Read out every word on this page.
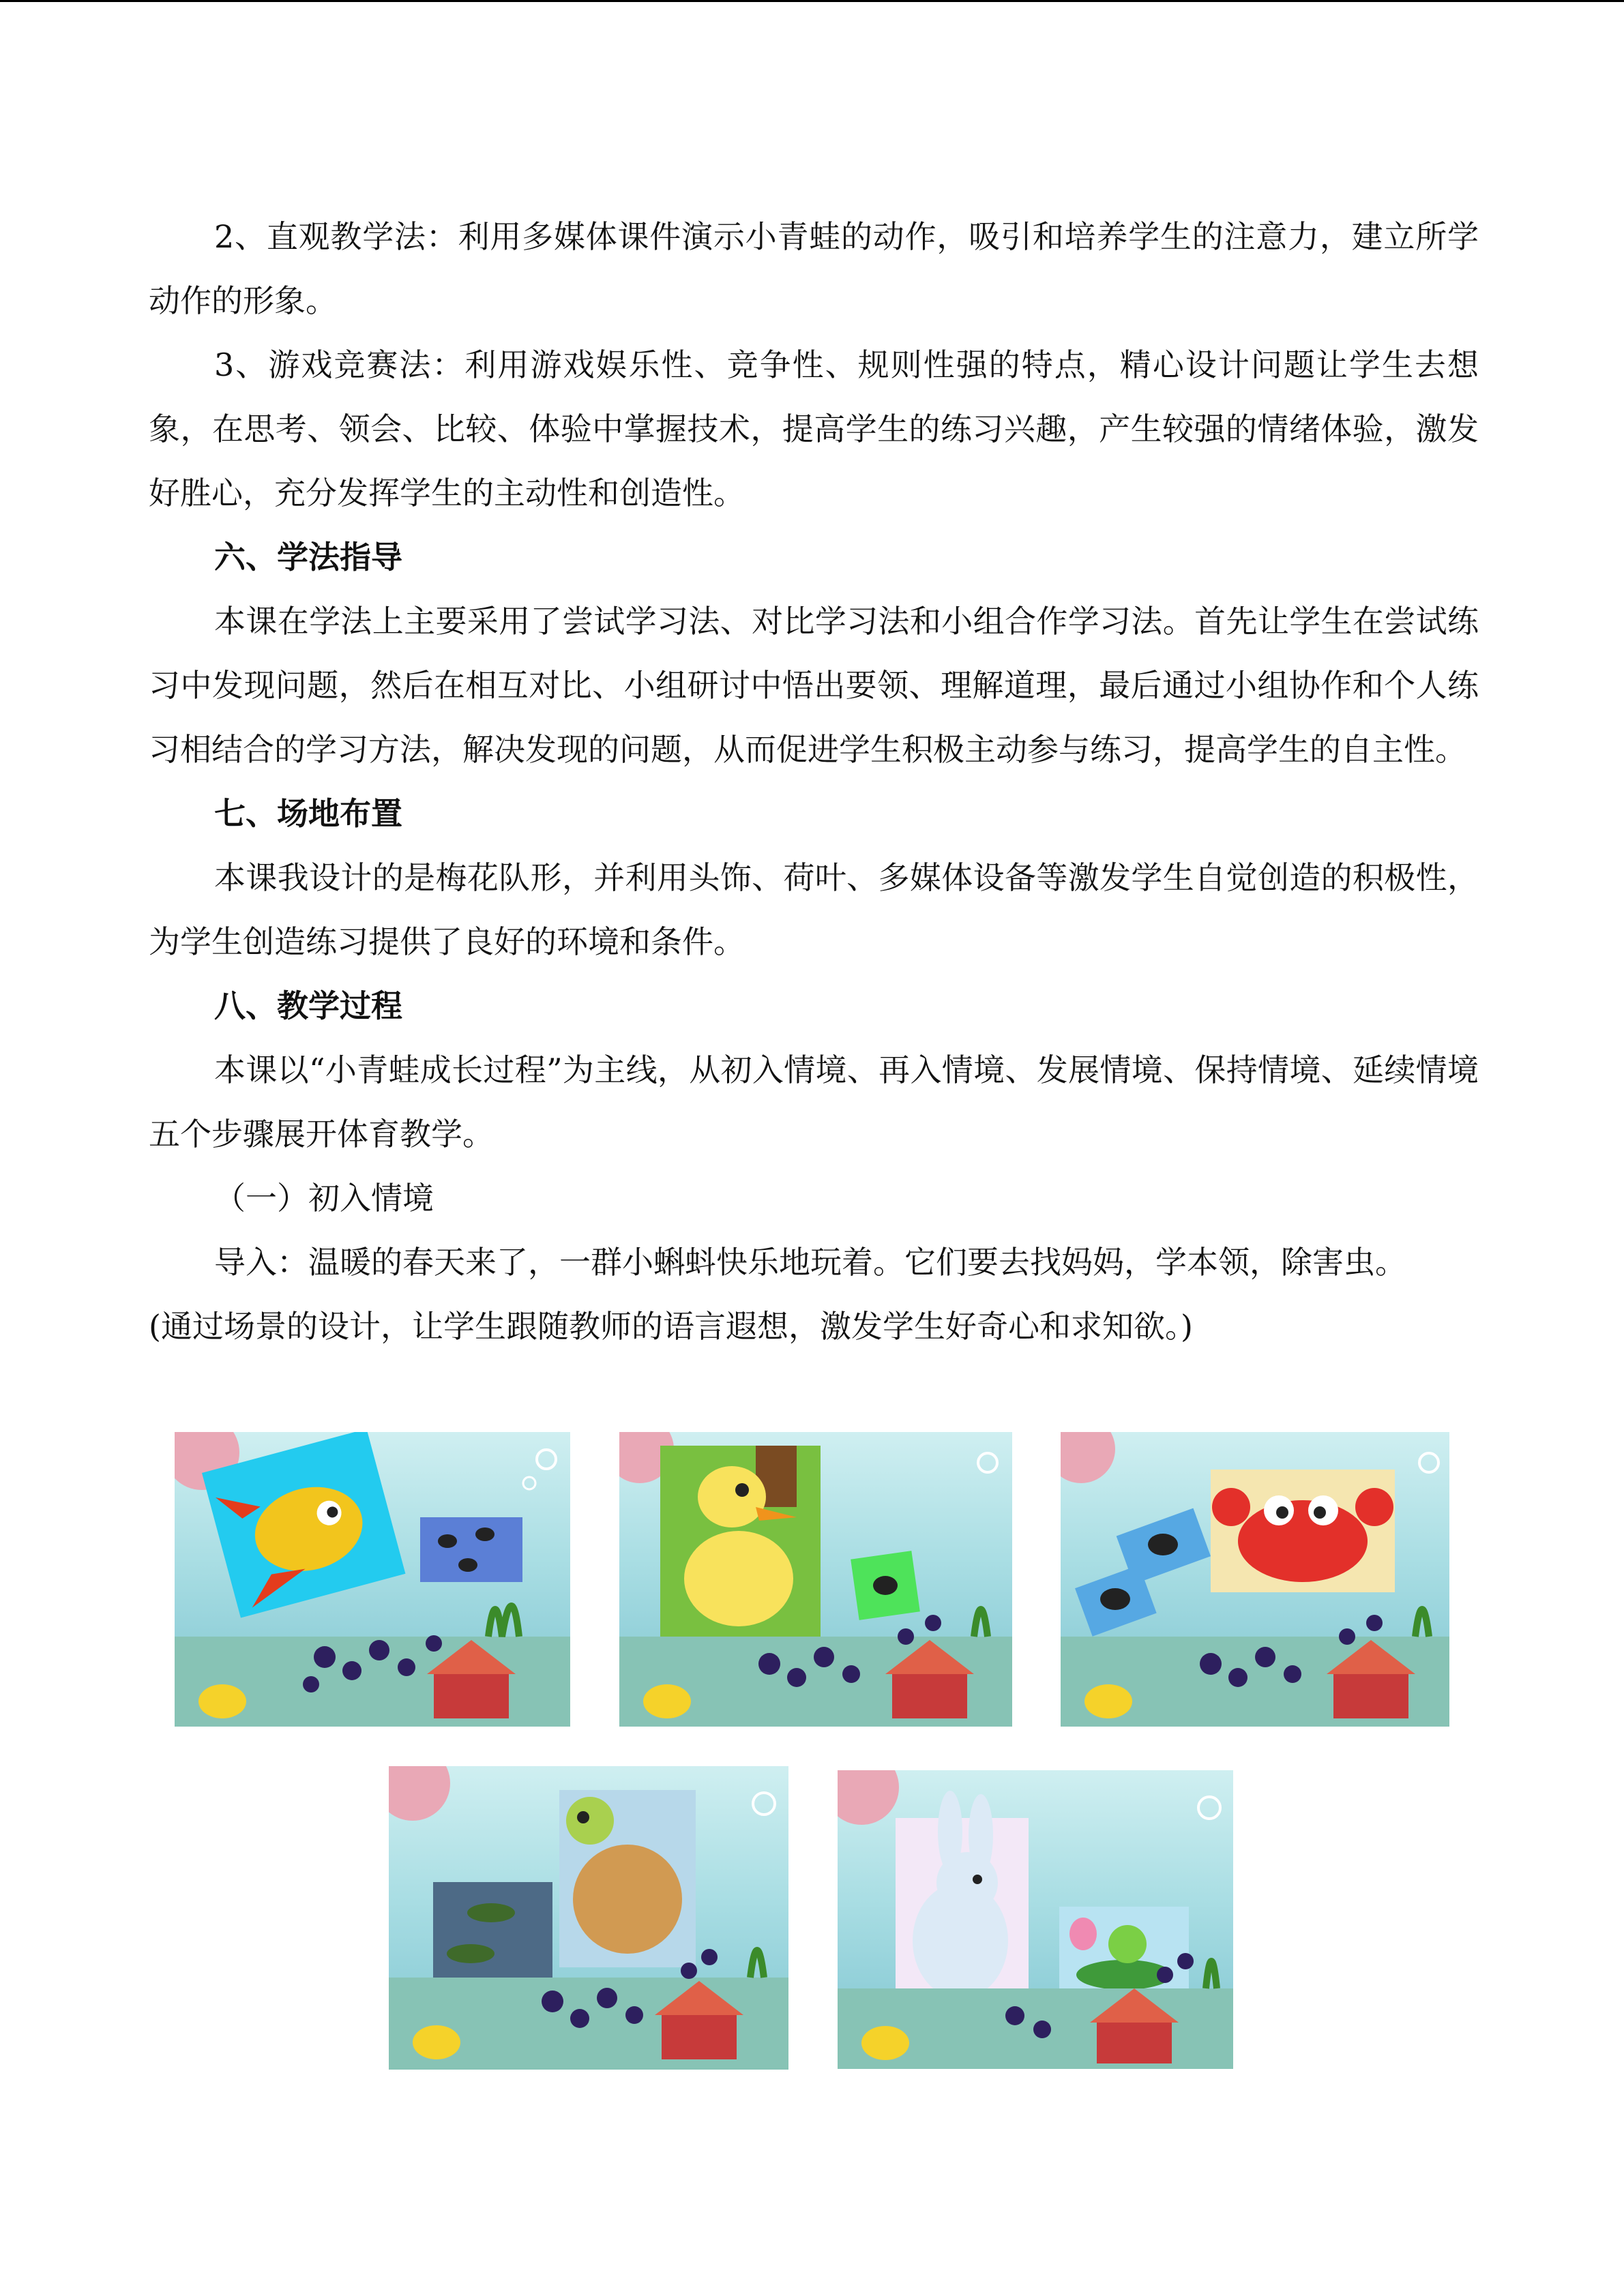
2、直观教学法：利用多媒体课件演示小青蛙的动作，吸引和培养学生的注意力，建立所学动作的形象。

3、游戏竞赛法：利用游戏娱乐性、竞争性、规则性强的特点，精心设计问题让学生去想象，在思考、领会、比较、体验中掌握技术，提高学生的练习兴趣，产生较强的情绪体验，激发好胜心，充分发挥学生的主动性和创造性。

六、学法指导

本课在学法上主要采用了尝试学习法、对比学习法和小组合作学习法。首先让学生在尝试练习中发现问题，然后在相互对比、小组研讨中悟出要领、理解道理，最后通过小组协作和个人练习相结合的学习方法，解决发现的问题，从而促进学生积极主动参与练习，提高学生的自主性。

七、场地布置

本课我设计的是梅花队形，并利用头饰、荷叶、多媒体设备等激发学生自觉创造的积极性，为学生创造练习提供了良好的环境和条件。

八、教学过程

本课以“小青蛙成长过程”为主线，从初入情境、再入情境、发展情境、保持情境、延续情境五个步骤展开体育教学。

（一）初入情境

导入：温暖的春天来了，一群小蝌蚪快乐地玩着。它们要去找妈妈，学本领，除害虫。

(通过场景的设计，让学生跟随教师的语言遐想，激发学生好奇心和求知欲。)
